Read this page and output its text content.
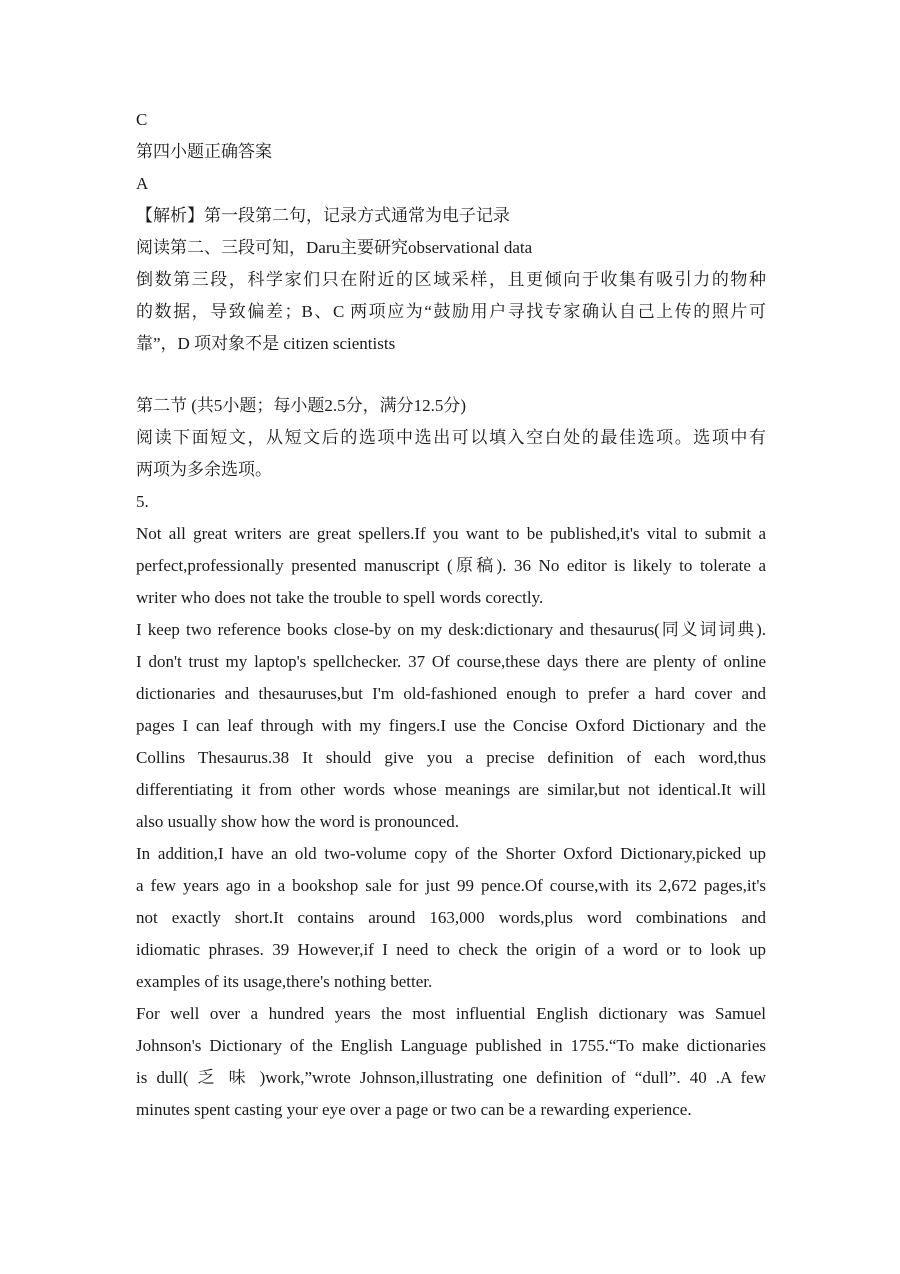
C
第四小题正确答案
A
【解析】第一段第二句，记录方式通常为电子记录
阅读第二、三段可知，Daru主要研究observational data
倒数第三段，科学家们只在附近的区域采样，且更倾向于收集有吸引力的物种
的数据，导致偏差；B、C 两项应为“鼓励用户寻找专家确认自己上传的照片可
靠”，D 项对象不是 citizen scientists
第二节 (共5小题；每小题2.5分，满分12.5分)
阅读下面短文，从短文后的选项中选出可以填入空白处的最佳选项。选项中有
两项为多余选项。
5.
Not all great writers are great spellers.If you want to be published,it's vital to submit a
perfect,professionally presented manuscript (原稿). 36 No editor is likely to tolerate a
writer who does not take the trouble to spell words corectly.
I keep two reference books close-by on my desk:dictionary and thesaurus(同义词词典).
I don't trust my laptop's spellchecker. 37 Of course,these days there are plenty of online
dictionaries and thesauruses,but I'm old-fashioned enough to prefer a hard cover and
pages I can leaf through with my fingers.I use the Concise Oxford Dictionary and the
Collins Thesaurus.38 It should give you a precise definition of each word,thus
differentiating it from other words whose meanings are similar,but not identical.It will
also usually show how the word is pronounced.
In addition,I have an old two-volume copy of the Shorter Oxford Dictionary,picked up
a few years ago in a bookshop sale for just 99 pence.Of course,with its 2,672 pages,it's
not exactly short.It contains around 163,000 words,plus word combinations and
idiomatic phrases. 39 However,if I need to check the origin of a word or to look up
examples of its usage,there's nothing better.
For well over a hundred years the most influential English dictionary was Samuel
Johnson's Dictionary of the English Language published in 1755.“To make dictionaries
is dull( 乏 味 )work,”wrote Johnson,illustrating one definition of “dull”. 40 .A few
minutes spent casting your eye over a page or two can be a rewarding experience.
